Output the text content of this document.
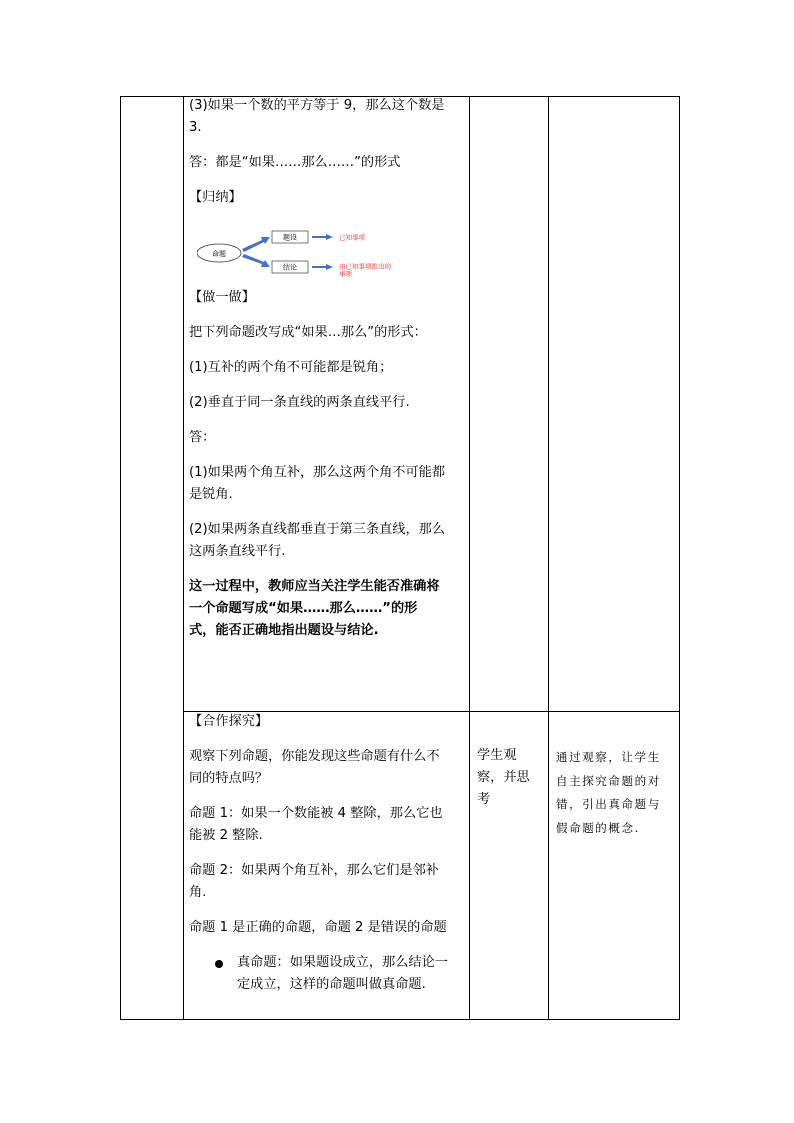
(3)如果一个数的平方等于 9，那么这个数是

3.

答：都是“如果……那么……”的形式

【归纳】

【做一做】

把下列命题改写成“如果…那么”的形式：

(1)互补的两个角不可能都是锐角；

(2)垂直于同一条直线的两条直线平行.

答：

(1)如果两个角互补，那么这两个角不可能都

是锐角.

(2)如果两条直线都垂直于第三条直线，那么

这两条直线平行.

这一过程中，教师应当关注学生能否准确将

一个命题写成“如果……那么……”的形

式，能否正确地指出题设与结论.

命题
题设
结论
已知事项
由已知事项推出的
事项

【合作探究】

观察下列命题，你能发现这些命题有什么不

同的特点吗？

命题 1：如果一个数能被 4 整除，那么它也

能被 2 整除.

命题 2：如果两个角互补，那么它们是邻补

角.

命题 1 是正确的命题，命题 2 是错误的命题

真命题：如果题设成立，那么结论一

定成立，这样的命题叫做真命题.

学生观

察，并思

考

通过观察，让学生

自主探究命题的对

错，引出真命题与

假命题的概念.
